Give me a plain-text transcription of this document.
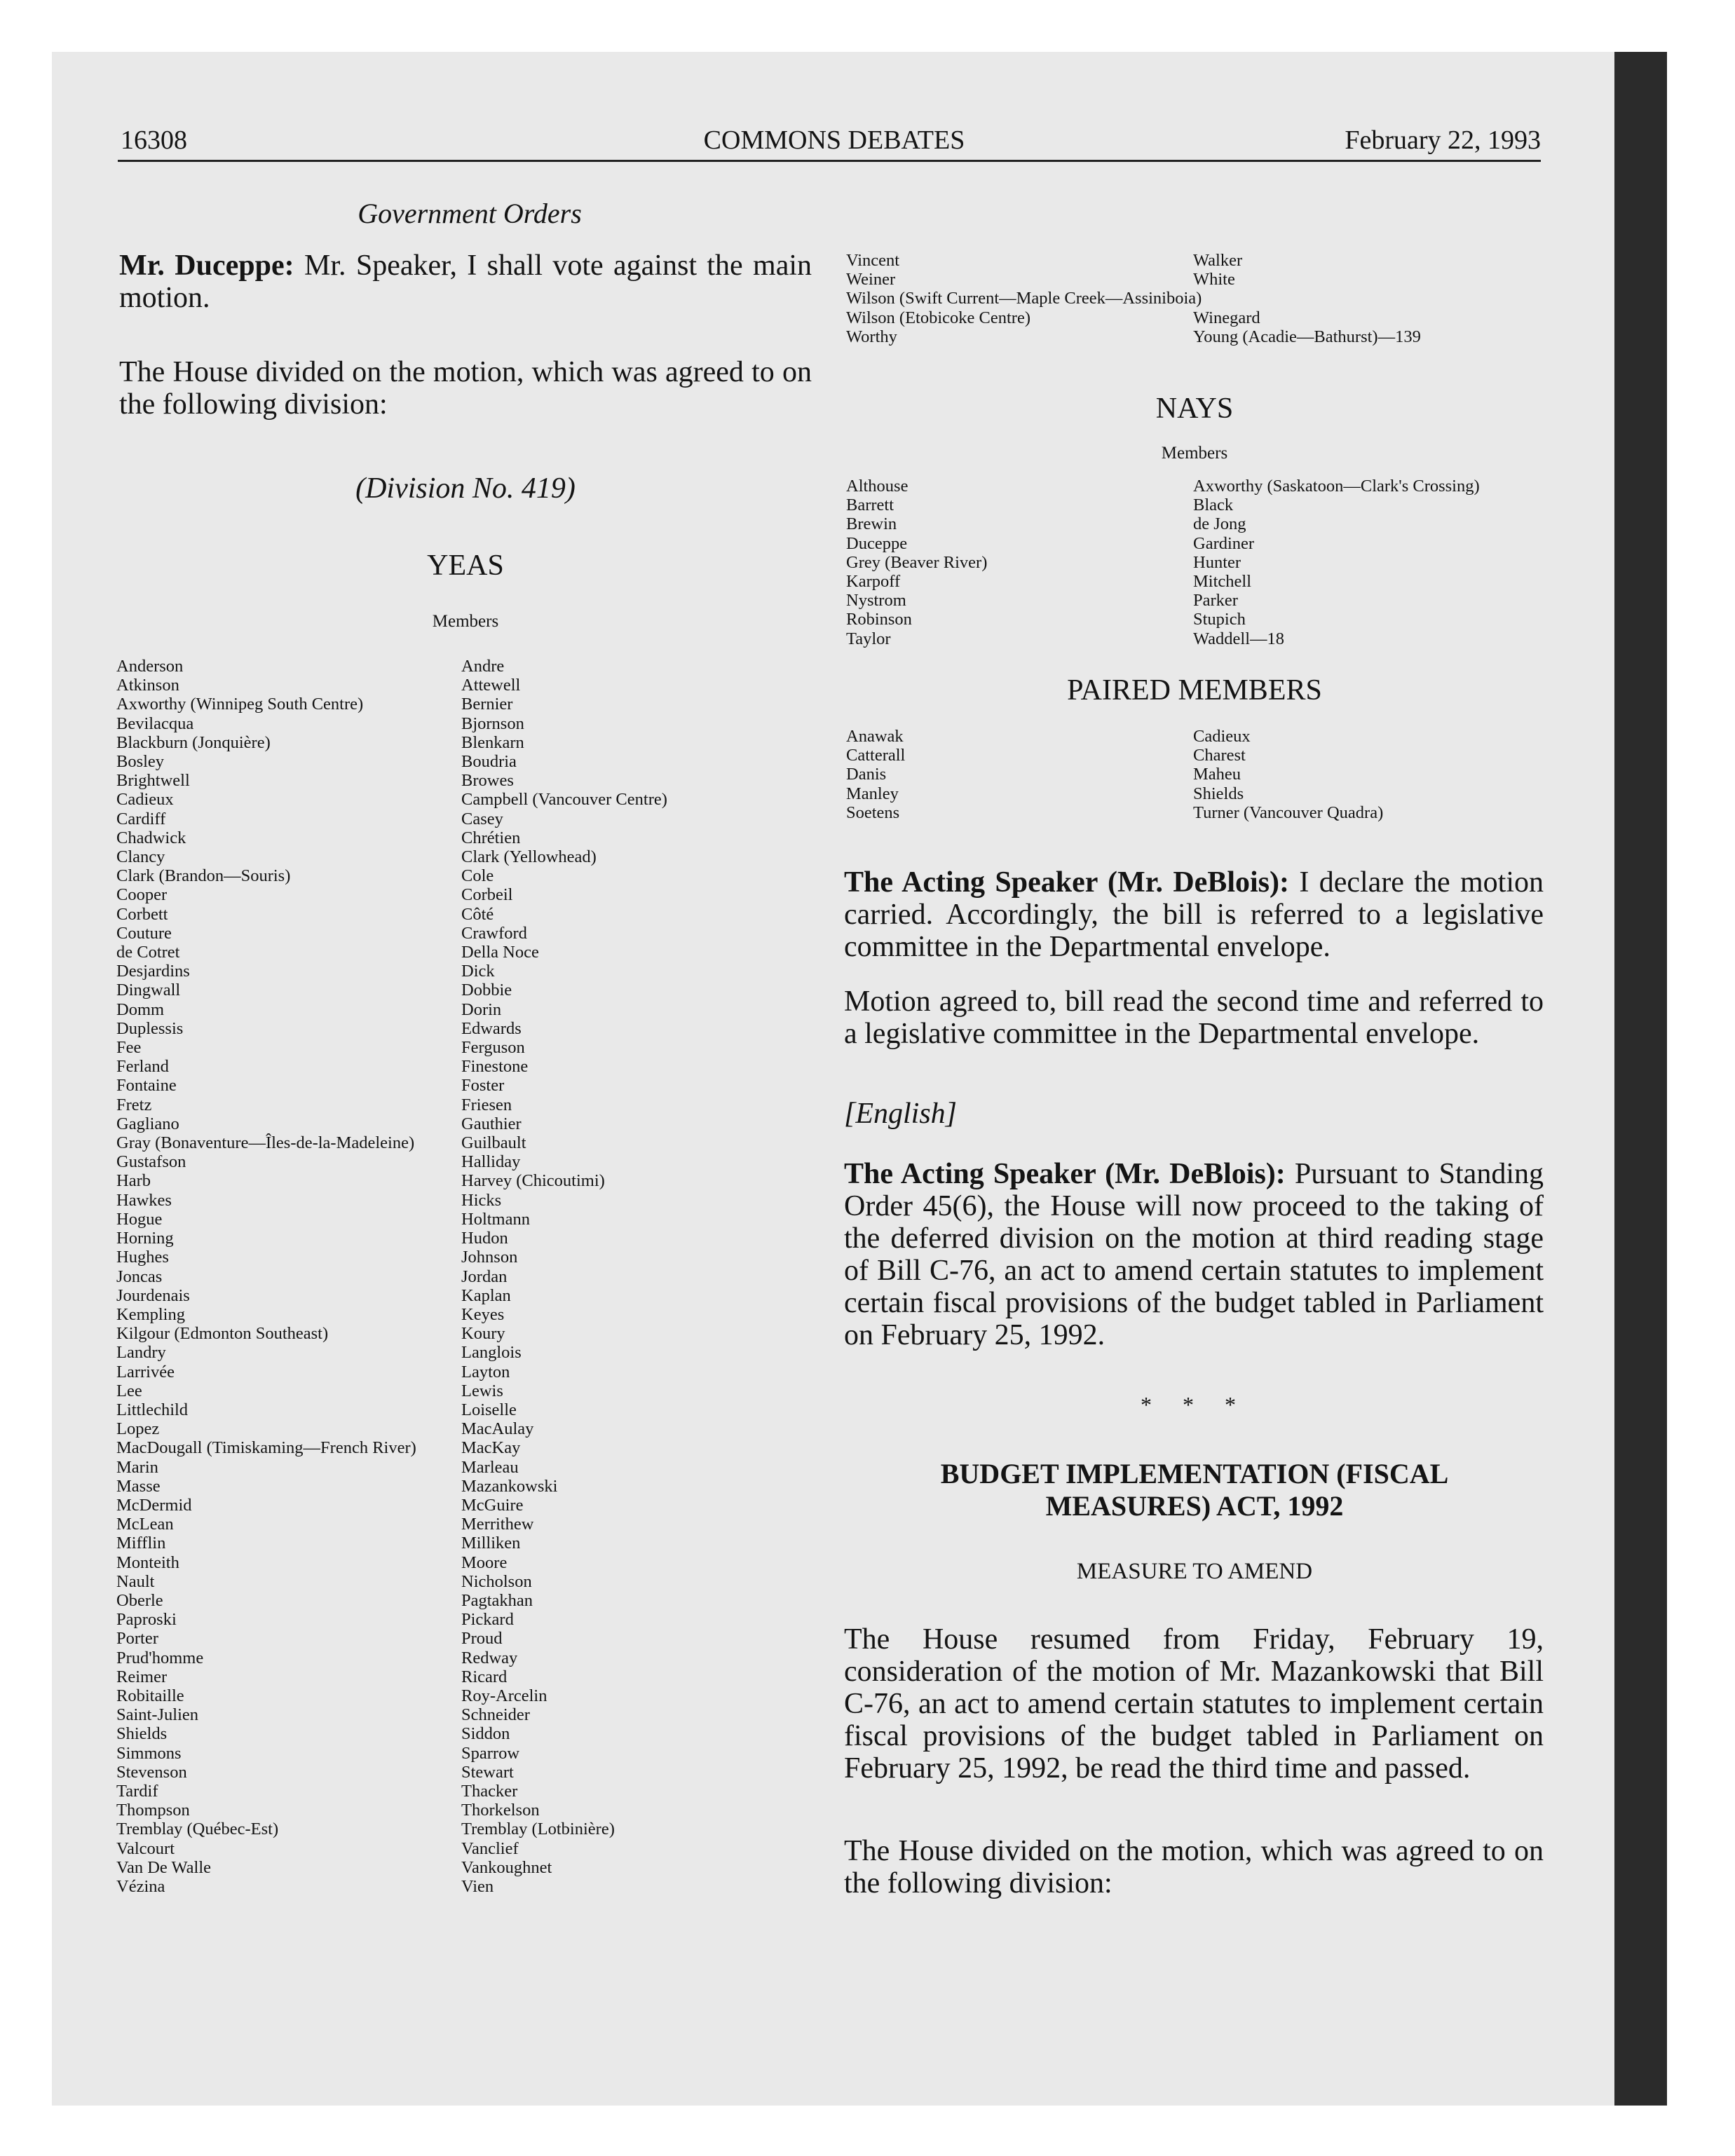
16308	COMMONS DEBATES	February 22, 1993
Government Orders

Mr. Duceppe: Mr. Speaker, I shall vote against the main motion.

The House divided on the motion, which was agreed to on the following division:

(Division No. 419)
YEAS
Members
Anderson
Atkinson
Axworthy (Winnipeg South Centre)
Bevilacqua
Blackburn (Jonquière)
Bosley
Brightwell
Cadieux
Cardiff
Chadwick
Clancy
Clark (Brandon—Souris)
Cooper
Corbett
Couture
de Cotret
Desjardins
Dingwall
Domm
Duplessis
Fee
Ferland
Fontaine
Fretz
Gagliano
Gray (Bonaventure—Îles-de-la-Madeleine)
Gustafson
Harb
Hawkes
Hogue
Horning
Hughes
Joncas
Jourdenais
Kempling
Kilgour (Edmonton Southeast)
Landry
Larrivée
Lee
Littlechild
Lopez
MacDougall (Timiskaming—French River)
Marin
Masse
McDermid
McLean
Mifflin
Monteith
Nault
Oberle
Paproski
Porter
Prud'homme
Reimer
Robitaille
Saint-Julien
Shields
Simmons
Stevenson
Tardif
Thompson
Tremblay (Québec-Est)
Valcourt
Van De Walle
Vézina
Andre
Attewell
Bernier
Bjornson
Blenkarn
Boudria
Browes
Campbell (Vancouver Centre)
Casey
Chrétien
Clark (Yellowhead)
Cole
Corbeil
Côté
Crawford
Della Noce
Dick
Dobbie
Dorin
Edwards
Ferguson
Finestone
Foster
Friesen
Gauthier
Guilbault
Halliday
Harvey (Chicoutimi)
Hicks
Holtmann
Hudon
Johnson
Jordan
Kaplan
Keyes
Koury
Langlois
Layton
Lewis
Loiselle
MacAulay
MacKay
Marleau
Mazankowski
McGuire
Merrithew
Milliken
Moore
Nicholson
Pagtakhan
Pickard
Proud
Redway
Ricard
Roy-Arcelin
Schneider
Siddon
Sparrow
Stewart
Thacker
Thorkelson
Tremblay (Lotbinière)
Vanclief
Vankoughnet
Vien
Vincent
Weiner
Wilson (Swift Current—Maple Creek—Assiniboia)
Wilson (Etobicoke Centre)
Worthy
Walker
White

Winegard
Young (Acadie—Bathurst)—139
NAYS
Members
Althouse
Barrett
Brewin
Duceppe
Grey (Beaver River)
Karpoff
Nystrom
Robinson
Taylor
Axworthy (Saskatoon—Clark's Crossing)
Black
de Jong
Gardiner
Hunter
Mitchell
Parker
Stupich
Waddell—18
PAIRED MEMBERS
Anawak
Catterall
Danis
Manley
Soetens
Cadieux
Charest
Maheu
Shields
Turner (Vancouver Quadra)

The Acting Speaker (Mr. DeBlois): I declare the motion carried. Accordingly, the bill is referred to a legislative committee in the Departmental envelope.

Motion agreed to, bill read the second time and referred to a legislative committee in the Departmental envelope.

[English]

The Acting Speaker (Mr. DeBlois): Pursuant to Standing Order 45(6), the House will now proceed to the taking of the deferred division on the motion at third reading stage of Bill C-76, an act to amend certain statutes to implement certain fiscal provisions of the budget tabled in Parliament on February 25, 1992.

* * *
BUDGET IMPLEMENTATION (FISCAL
MEASURES) ACT, 1992
MEASURE TO AMEND

The House resumed from Friday, February 19, consideration of the motion of Mr. Mazankowski that Bill C-76, an act to amend certain statutes to implement certain fiscal provisions of the budget tabled in Parliament on February 25, 1992, be read the third time and passed.

The House divided on the motion, which was agreed to on the following division:
